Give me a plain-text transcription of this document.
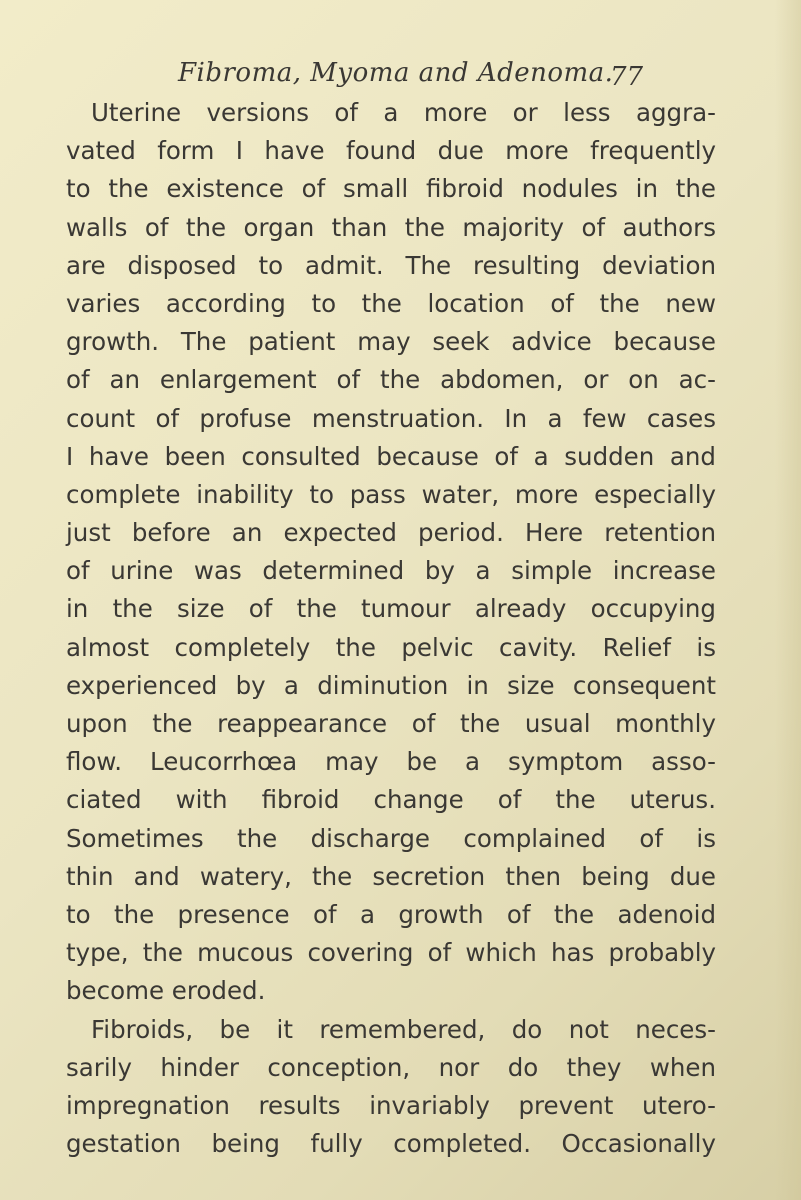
Fibroma, Myoma and Adenoma.
77
Uterine versions of a more or less aggra-
vated form I have found due more frequently
to the existence of small fibroid nodules in the
walls of the organ than the majority of authors
are disposed to admit. The resulting deviation
varies according to the location of the new
growth. The patient may seek advice because
of an enlargement of the abdomen, or on ac-
count of profuse menstruation. In a few cases
I have been consulted because of a sudden and
complete inability to pass water, more especially
just before an expected period. Here retention
of urine was determined by a simple increase
in the size of the tumour already occupying
almost completely the pelvic cavity. Relief is
experienced by a diminution in size consequent
upon the reappearance of the usual monthly
flow. Leucorrhœa may be a symptom asso-
ciated with fibroid change of the uterus.
Sometimes the discharge complained of is
thin and watery, the secretion then being due
to the presence of a growth of the adenoid
type, the mucous covering of which has probably
become eroded.
Fibroids, be it remembered, do not neces-
sarily hinder conception, nor do they when
impregnation results invariably prevent utero-
gestation being fully completed. Occasionally
